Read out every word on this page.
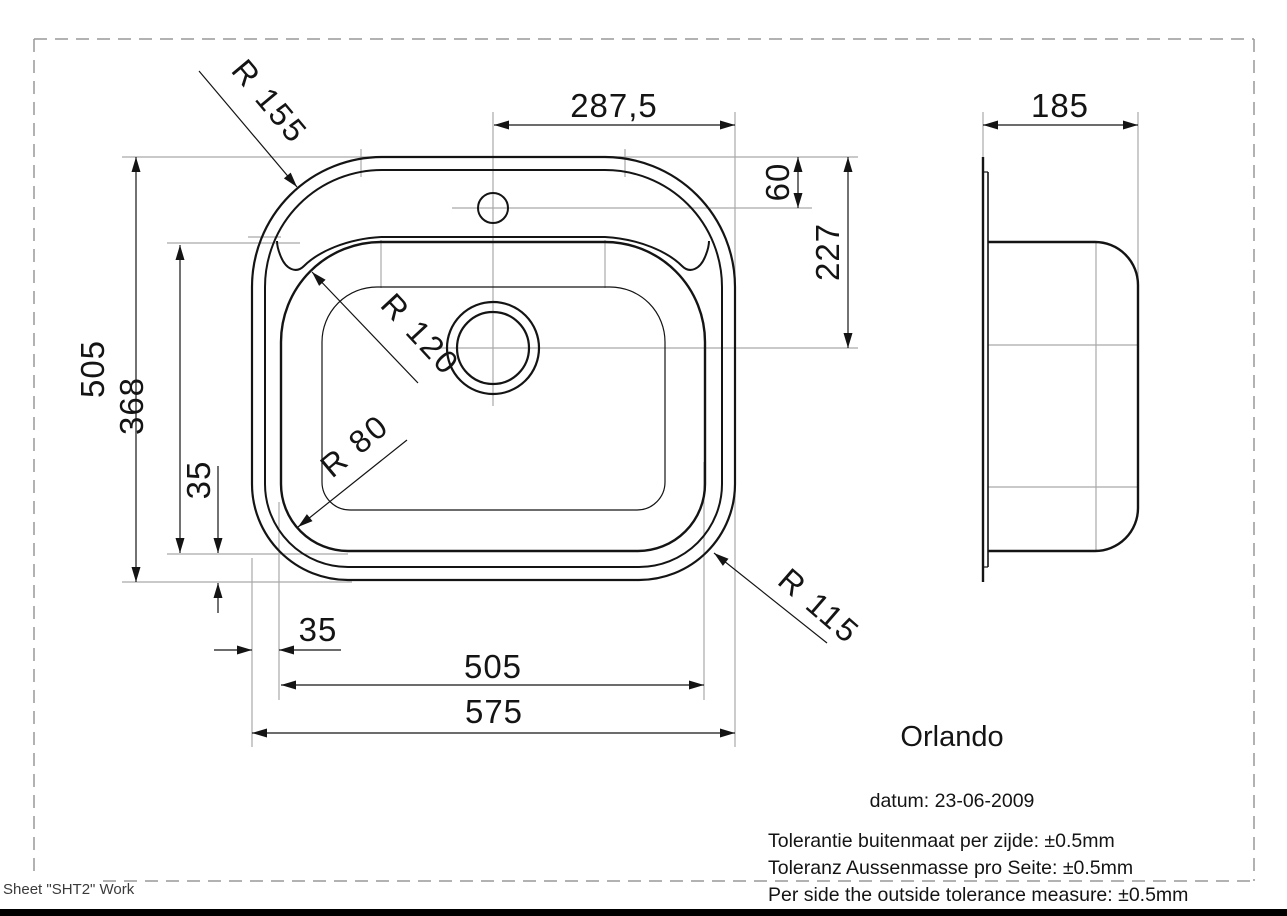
287,5
60
227
505
368
35
35
505
575
R 155
R 120
R 80
R 115
185
Orlando
datum: 23-06-2009
Tolerantie buitenmaat per zijde: ±0.5mm
Toleranz Aussenmasse pro Seite: ±0.5mm
Per side the outside tolerance measure: ±0.5mm
Sheet "SHT2" Work
